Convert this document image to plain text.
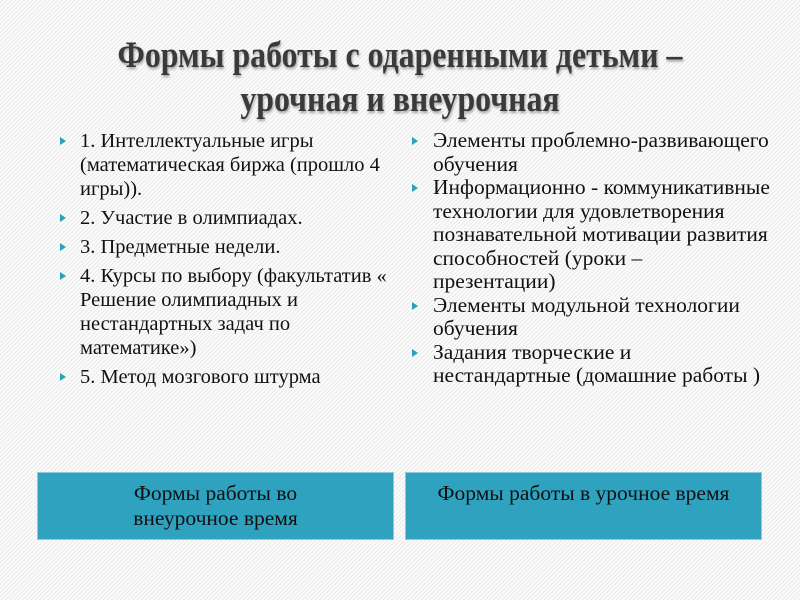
Формы работы с одаренными детьми – урочная и внеурочная
1. Интеллектуальные игры (математическая биржа (прошло 4 игры)).
2. Участие в олимпиадах.
3. Предметные недели.
4. Курсы по выбору (факультатив « Решение олимпиадных и нестандартных задач по математике»)
5. Метод мозгового штурма
Элементы проблемно-развивающего обучения
Информационно - коммуникативные технологии для удовлетворения познавательной мотивации развития способностей (уроки – презентации)
Элементы модульной технологии обучения
Задания творческие и нестандартные (домашние работы )
Формы работы во внеурочное время
Формы работы в урочное время
